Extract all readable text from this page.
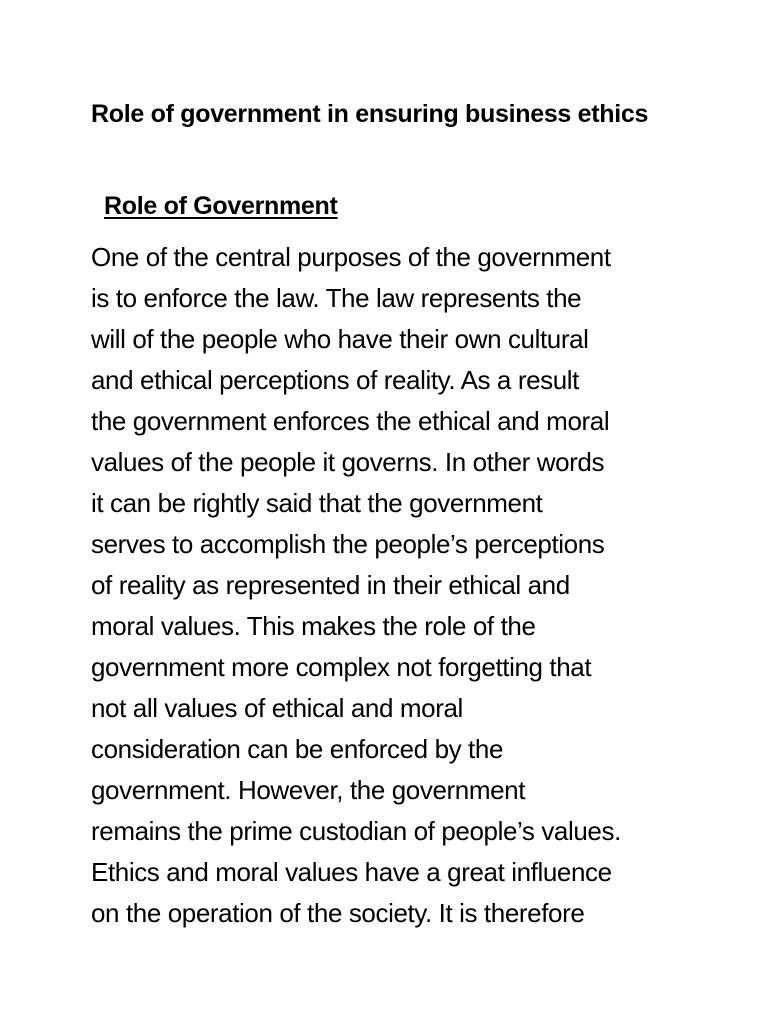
Role of government in ensuring business ethics
Role of Government
One of the central purposes of the government
is to enforce the law. The law represents the
will of the people who have their own cultural
and ethical perceptions of reality. As a result
the government enforces the ethical and moral
values of the people it governs. In other words
it can be rightly said that the government
serves to accomplish the people’s perceptions
of reality as represented in their ethical and
moral values. This makes the role of the
government more complex not forgetting that
not all values of ethical and moral
consideration can be enforced by the
government. However, the government
remains the prime custodian of people’s values.
Ethics and moral values have a great influence
on the operation of the society. It is therefore
